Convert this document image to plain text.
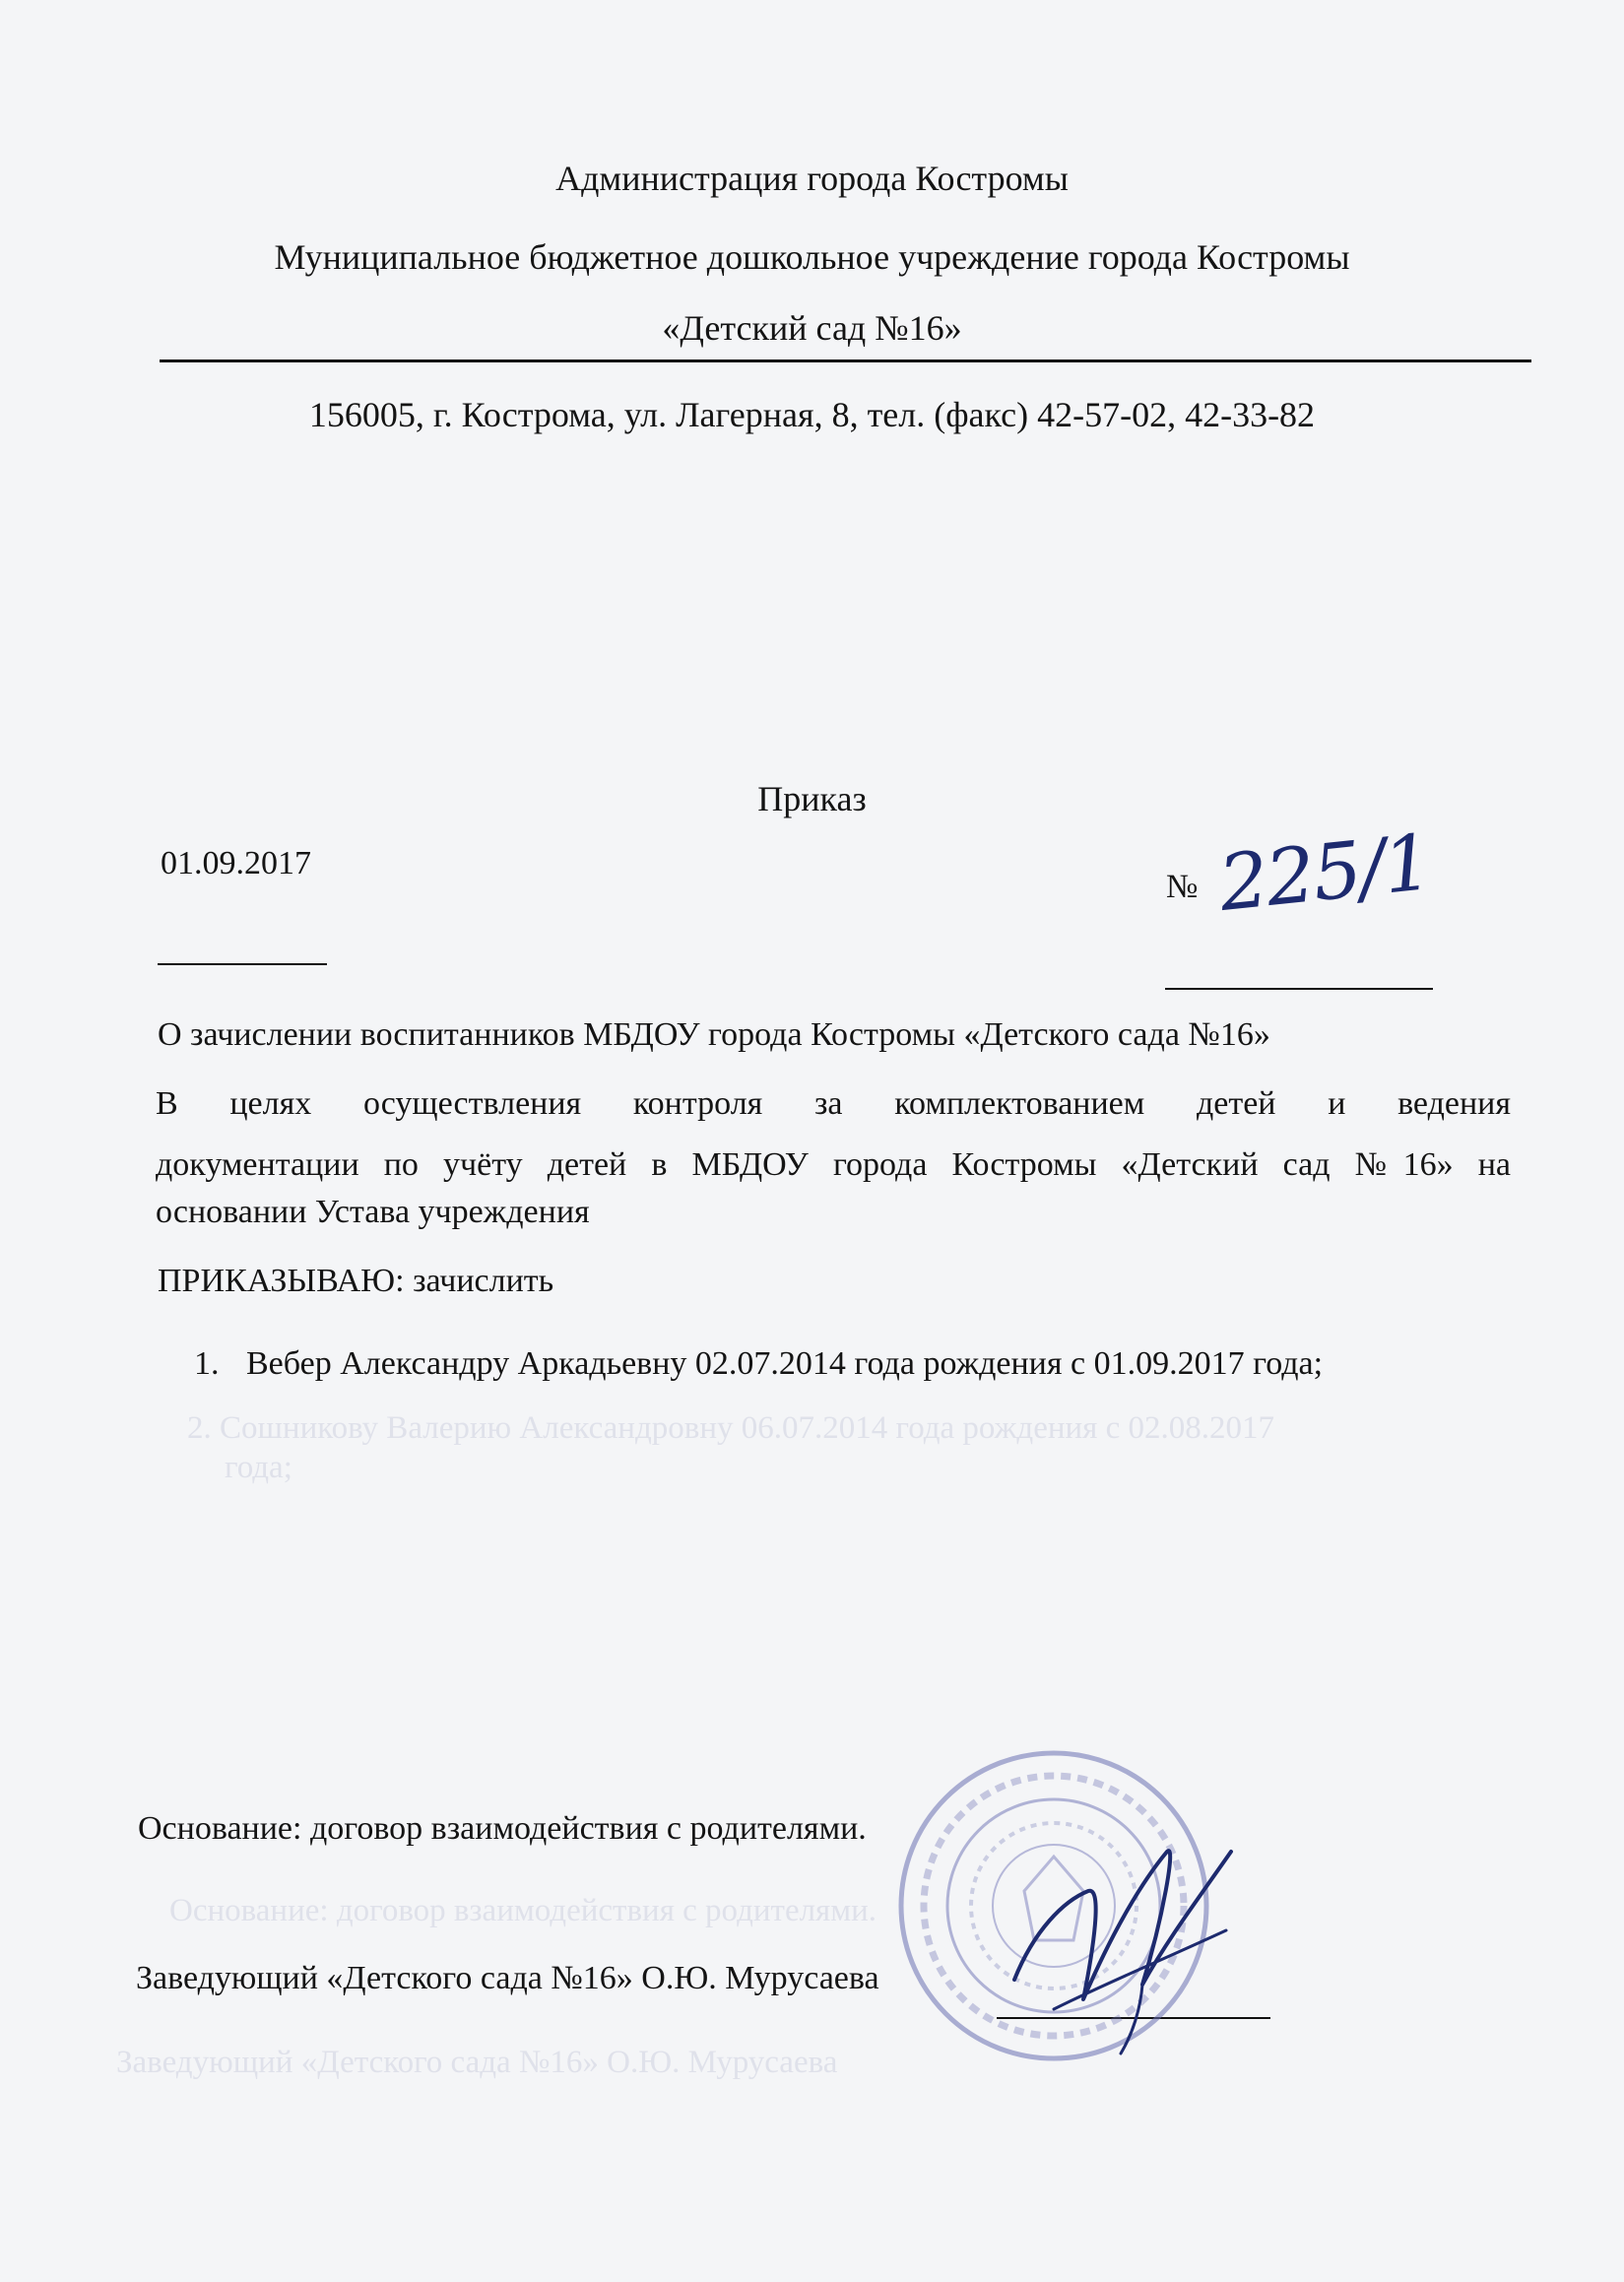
2. Сошникову Валерию Александровну 06.07.2014 года рождения с 02.08.2017
года;
Основание: договор взаимодействия с родителями.
Заведующий «Детского сада №16» О.Ю. Мурусаева
Администрация города Костромы
Муниципальное бюджетное дошкольное учреждение города Костромы
«Детский сад №16»
156005, г. Кострома, ул. Лагерная, 8, тел. (факс) 42-57-02, 42-33-82
Приказ
01.09.2017
№ 225/1
О зачислении воспитанников МБДОУ города Костромы «Детского сада №16»
В целях осуществления контроля за комплектованием детей и ведения
документации по учёту детей в МБДОУ города Костромы «Детский сад №16» на
основании Устава учреждения
ПРИКАЗЫВАЮ: зачислить
1. Вебер Александру Аркадьевну 02.07.2014 года рождения с 01.09.2017 года;
Основание: договор взаимодействия с родителями.
Заведующий «Детского сада №16» О.Ю. Мурусаева
